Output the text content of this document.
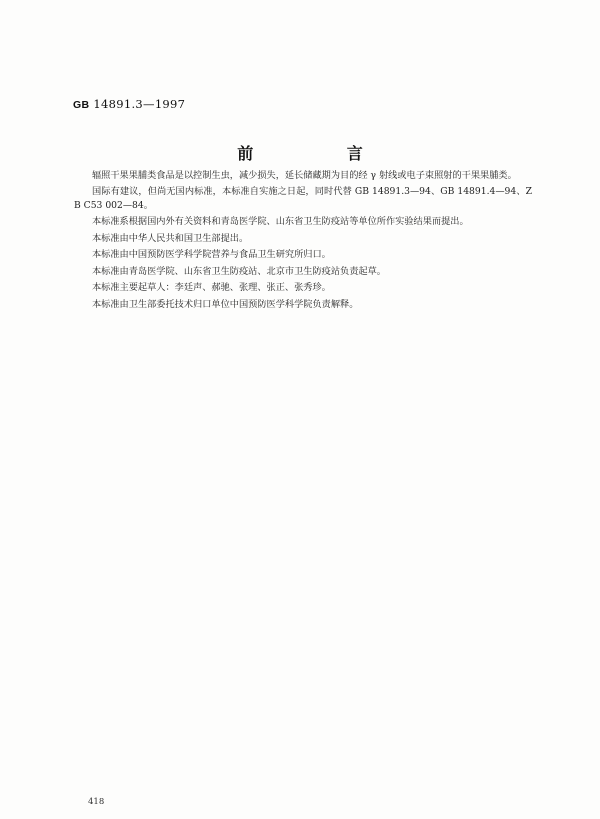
GB 14891.3—1997
前 言

辐照干果果脯类食品是以控制生虫，减少损失，延长储藏期为目的经 γ 射线或电子束照射的干果果脯类。

国际有建议，但尚无国内标准，本标准自实施之日起，同时代替 GB 14891.3—94、GB 14891.4—94、ZB C53 002—84。

本标准系根据国内外有关资料和青岛医学院、山东省卫生防疫站等单位所作实验结果而提出。

本标准由中华人民共和国卫生部提出。

本标准由中国预防医学科学院营养与食品卫生研究所归口。

本标准由青岛医学院、山东省卫生防疫站、北京市卫生防疫站负责起草。

本标准主要起草人：李廷声、郝驰、张理、张正、张秀珍。

本标准由卫生部委托技术归口单位中国预防医学科学院负责解释。

418
